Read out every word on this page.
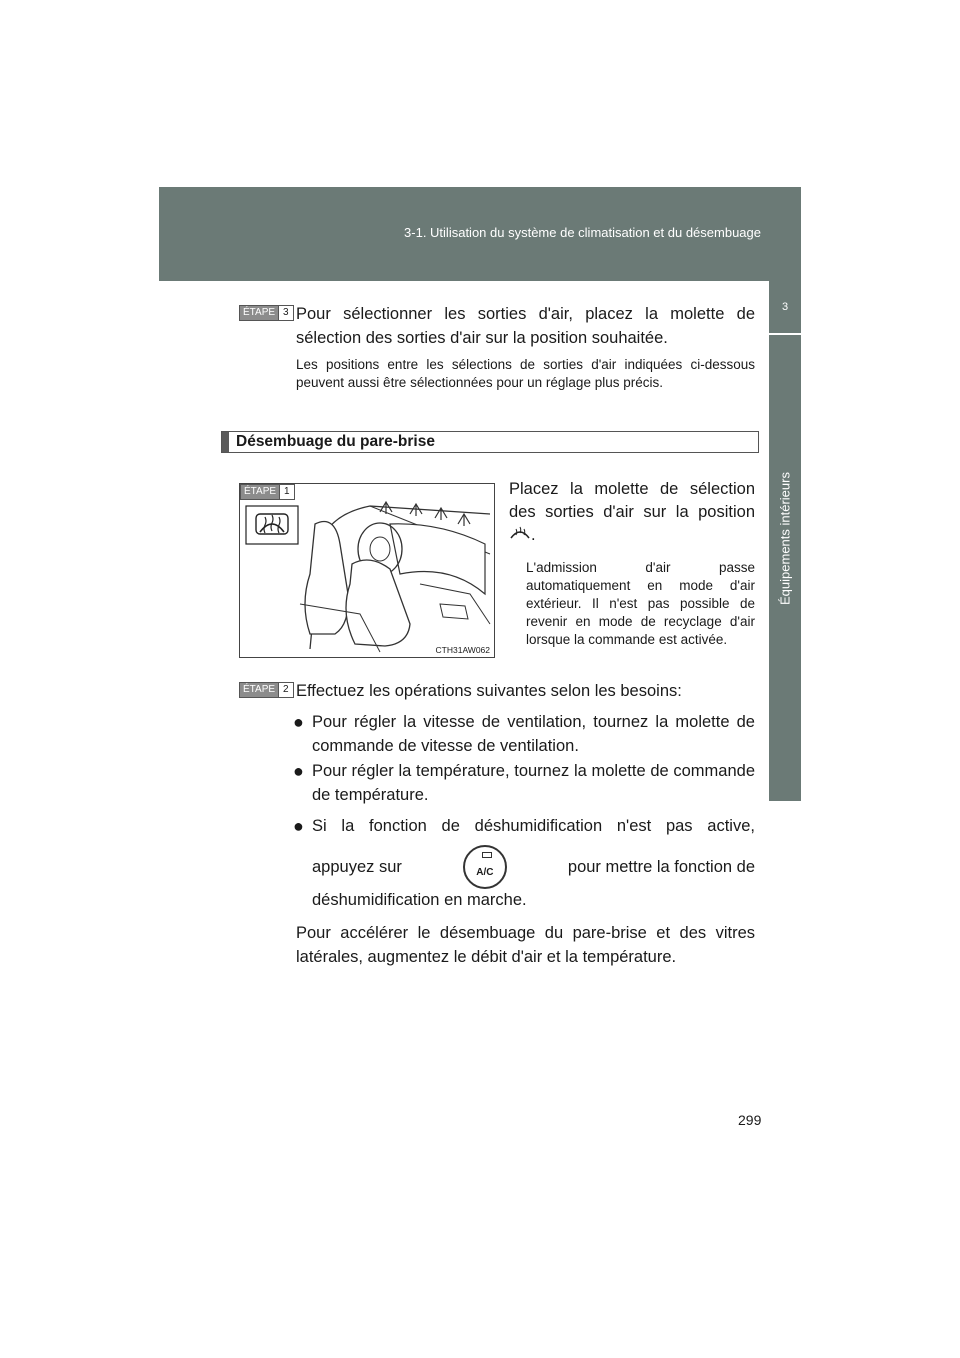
3-1. Utilisation du système de climatisation et du désembuage
3
Équipements intérieurs
ÉTAPE 3 Pour sélectionner les sorties d'air, placez la molette de sélection des sorties d'air sur la position souhaitée.
Les positions entre les sélections de sorties d'air indiquées ci-dessous peuvent aussi être sélectionnées pour un réglage plus précis.
Désembuage du pare-brise
ÉTAPE 1
CTH31AW062
Placez la molette de sélection des sorties d'air sur la position .
L'admission d'air passe automatiquement en mode d'air extérieur. Il n'est pas possible de revenir en mode de recyclage d'air lorsque la commande est activée.
ÉTAPE 2 Effectuez les opérations suivantes selon les besoins:
● Pour régler la vitesse de ventilation, tournez la molette de commande de vitesse de ventilation.
● Pour régler la température, tournez la molette de commande de température.
● Si la fonction de déshumidification n'est pas active,
appuyez sur	A/C	pour mettre la fonction de
déshumidification en marche.
Pour accélérer le désembuage du pare-brise et des vitres latérales, augmentez le débit d'air et la température.
299
